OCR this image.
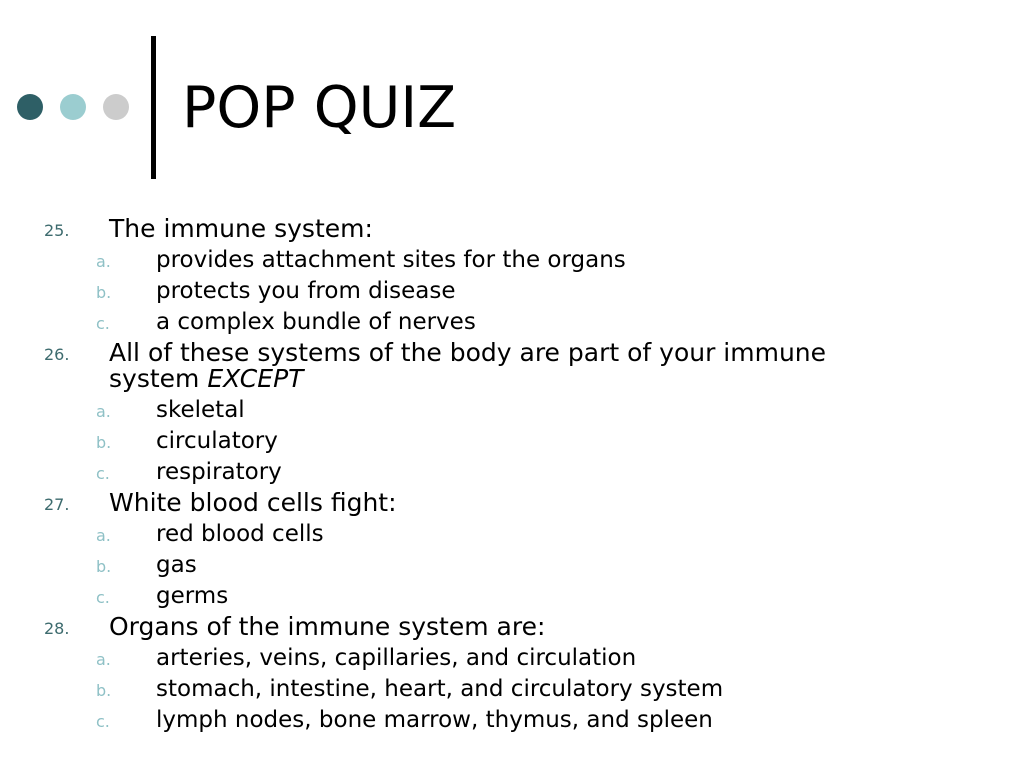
POP QUIZ
25. The immune system:
a. provides attachment sites for the organs
b. protects you from disease
c. a complex bundle of nerves
26. All of these systems of the body are part of your immune
system EXCEPT
a. skeletal
b. circulatory
c. respiratory
27. White blood cells fight:
a. red blood cells
b. gas
c. germs
28. Organs of the immune system are:
a. arteries, veins, capillaries, and circulation
b. stomach, intestine, heart, and circulatory system
c. lymph nodes, bone marrow, thymus, and spleen
